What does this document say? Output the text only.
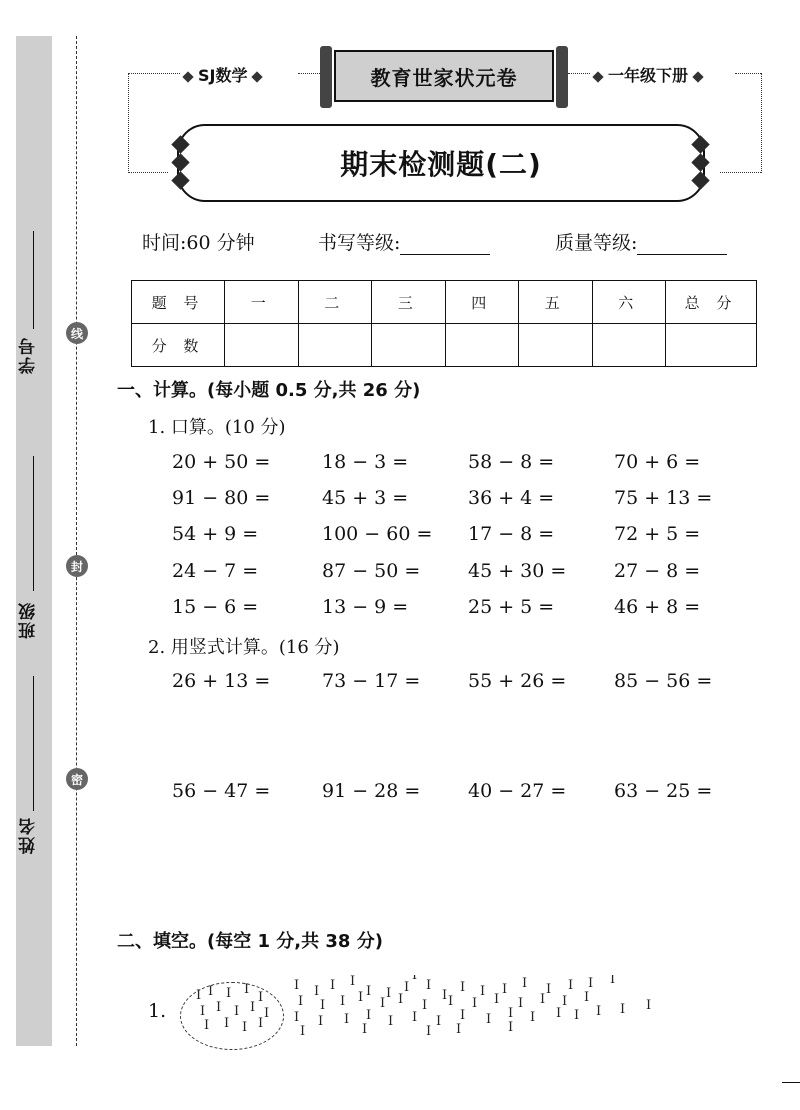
学号
班级
姓名
线
封
密
SJ数学	一年级下册
教育世家状元卷
期末检测题(二)
时间:60 分钟	书写等级:	质量等级:
题 号	一	二	三	四	五	六	总 分
分 数							
一、计算。(每小题 0.5 分,共 26 分)
1. 口算。(10 分)
20 + 50 =	18 − 3 =	58 − 8 =	70 + 6 =
91 − 80 =	45 + 3 =	36 + 4 =	75 + 13 =
54 + 9 =	100 − 60 = 17 − 8 =	72 + 5 =
24 − 7 =	87 − 50 =	45 + 30 =	27 − 8 =
15 − 6 =	13 − 9 =	25 + 5 =	46 + 8 =
2. 用竖式计算。(16 分)
26 + 13 =	73 − 17 =	55 + 26 =	85 − 56 =
56 − 47 =	91 − 28 =	40 − 27 =	63 − 25 =
二、填空。(每空 1 分,共 38 分)
1.
I I I I
I
I I I I I
I I I I
I I I I
I I I
I
I
I
I I I I I I I I
I I I I I I I I I I I I I I
I I I I I I I I I I I I I I I I
I	I	I I	I
